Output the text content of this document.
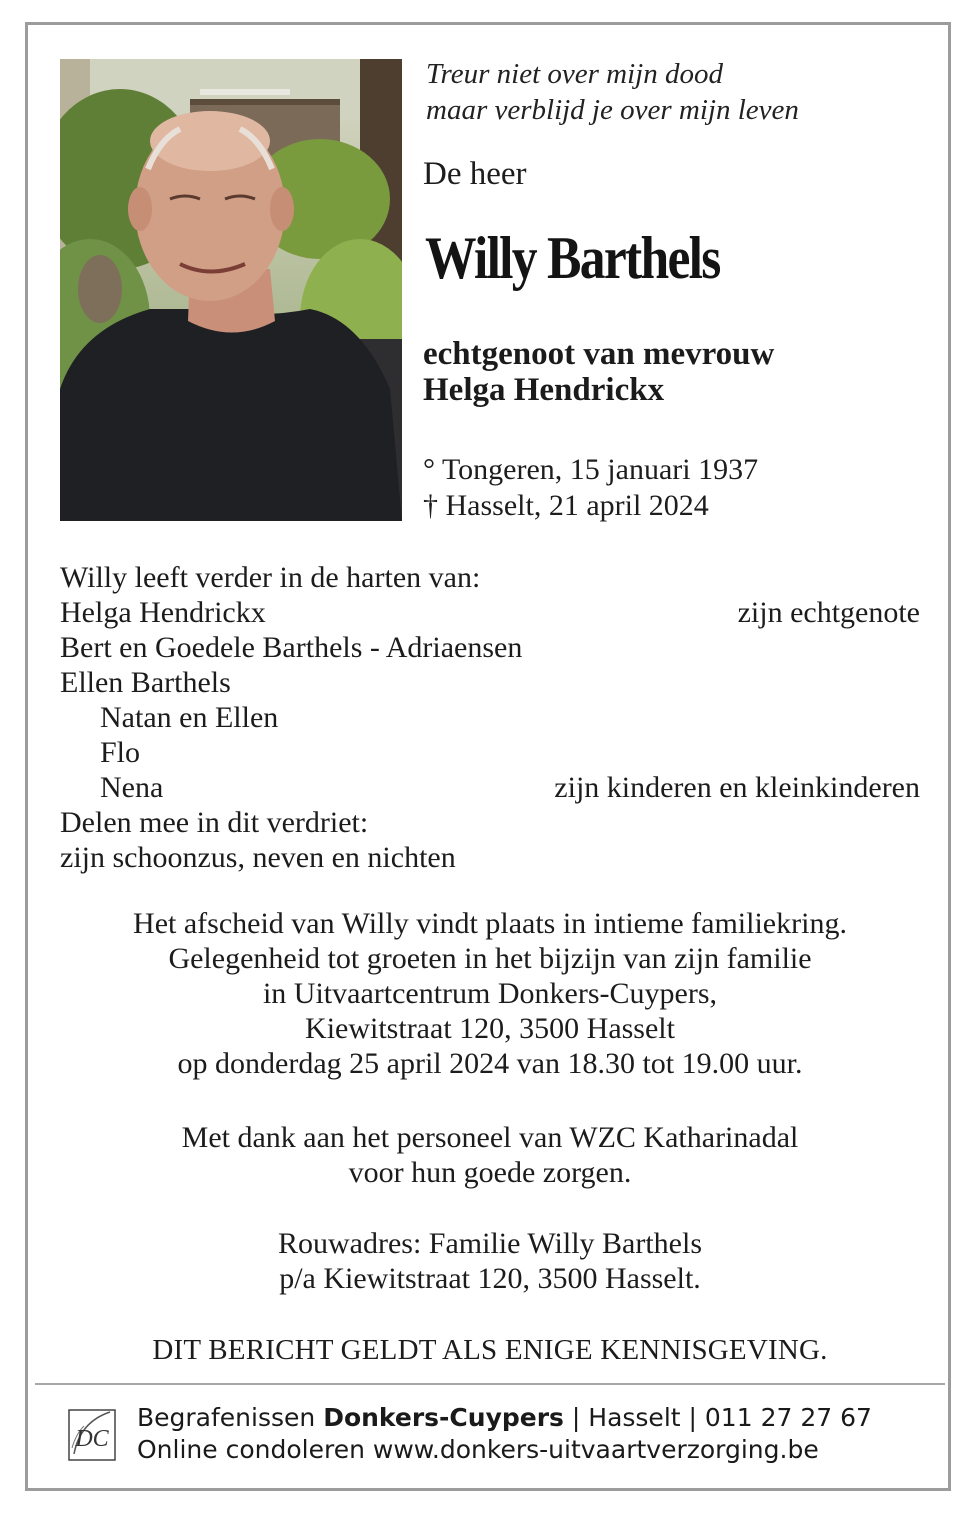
Treur niet over mijn dood
maar verblijd je over mijn leven
De heer
Willy Barthels
echtgenoot van mevrouw
Helga Hendrickx
° Tongeren, 15 januari 1937
† Hasselt, 21 april 2024
Willy leeft verder in de harten van:
Helga Hendrickx	zijn echtgenote
Bert en Goedele Barthels - Adriaensen
Ellen Barthels
Natan en Ellen
Flo
Nena	zijn kinderen en kleinkinderen
Delen mee in dit verdriet:
zijn schoonzus, neven en nichten
Het afscheid van Willy vindt plaats in intieme familiekring.
Gelegenheid tot groeten in het bijzijn van zijn familie
in Uitvaartcentrum Donkers-Cuypers,
Kiewitstraat 120, 3500 Hasselt
op donderdag 25 april 2024 van 18.30 tot 19.00 uur.
Met dank aan het personeel van WZC Katharinadal
voor hun goede zorgen.
Rouwadres: Familie Willy Barthels
p/a Kiewitstraat 120, 3500 Hasselt.
DIT BERICHT GELDT ALS ENIGE KENNISGEVING.
DC
Begrafenissen Donkers-Cuypers | Hasselt | 011 27 27 67
Online condoleren www.donkers-uitvaartverzorging.be
